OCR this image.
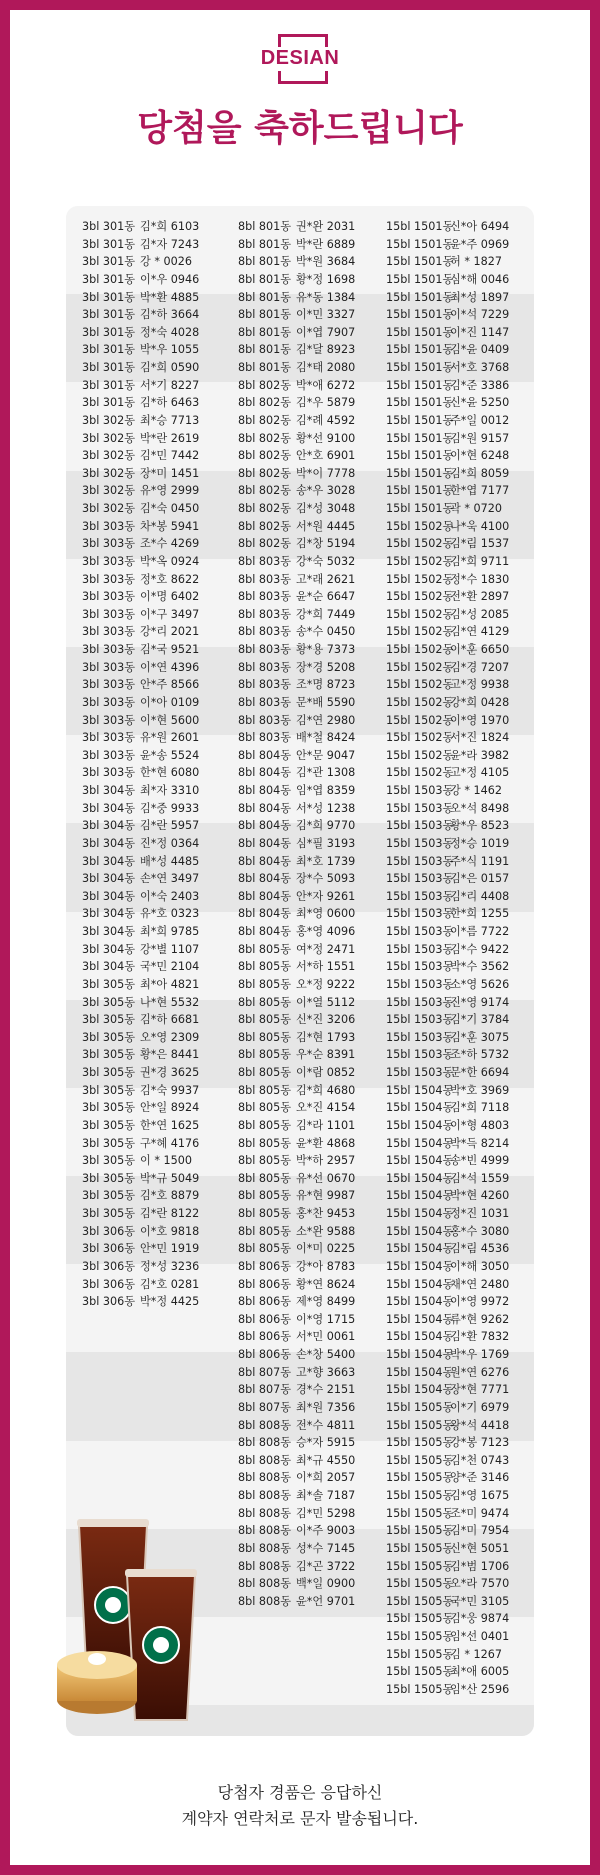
DESIAN
당첨을 축하드립니다
3bl 301동 김*희 6103
3bl 301동 김*자 7243
3bl 301동 강 * 0026
3bl 301동 이*우 0946
3bl 301동 박*환 4885
3bl 301동 김*하 3664
3bl 301동 정*숙 4028
3bl 301동 박*우 1055
3bl 301동 김*희 0590
3bl 301동 서*기 8227
3bl 301동 김*하 6463
3bl 302동 최*승 7713
3bl 302동 박*란 2619
3bl 302동 김*민 7442
3bl 302동 장*미 1451
3bl 302동 유*영 2999
3bl 302동 김*숙 0450
3bl 303동 차*봉 5941
3bl 303동 조*수 4269
3bl 303동 박*옥 0924
3bl 303동 정*호 8622
3bl 303동 이*명 6402
3bl 303동 이*구 3497
3bl 303동 강*리 2021
3bl 303동 김*국 9521
3bl 303동 이*연 4396
3bl 303동 안*주 8566
3bl 303동 이*아 0109
3bl 303동 이*현 5600
3bl 303동 유*원 2601
3bl 303동 윤*송 5524
3bl 303동 한*현 6080
3bl 304동 최*자 3310
3bl 304동 김*중 9933
3bl 304동 김*란 5957
3bl 304동 진*정 0364
3bl 304동 배*성 4485
3bl 304동 손*연 3497
3bl 304동 이*숙 2403
3bl 304동 유*호 0323
3bl 304동 최*희 9785
3bl 304동 강*별 1107
3bl 304동 국*민 2104
3bl 305동 최*아 4821
3bl 305동 나*현 5532
3bl 305동 김*하 6681
3bl 305동 오*영 2309
3bl 305동 황*은 8441
3bl 305동 권*경 3625
3bl 305동 김*숙 9937
3bl 305동 안*일 8924
3bl 305동 한*연 1625
3bl 305동 구*혜 4176
3bl 305동 이 * 1500
3bl 305동 박*규 5049
3bl 305동 김*호 8879
3bl 305동 김*란 8122
3bl 306동 이*호 9818
3bl 306동 안*민 1919
3bl 306동 정*성 3236
3bl 306동 김*호 0281
3bl 306동 박*정 4425
8bl 801동 권*완 2031
8bl 801동 박*란 6889
8bl 801동 박*원 3684
8bl 801동 황*정 1698
8bl 801동 유*동 1384
8bl 801동 이*민 3327
8bl 801동 이*엽 7907
8bl 801동 김*달 8923
8bl 801동 김*태 2080
8bl 802동 박*애 6272
8bl 802동 김*우 5879
8bl 802동 김*례 4592
8bl 802동 황*선 9100
8bl 802동 안*호 6901
8bl 802동 박*이 7778
8bl 802동 송*우 3028
8bl 802동 김*성 3048
8bl 802동 서*원 4445
8bl 802동 김*창 5194
8bl 803동 강*숙 5032
8bl 803동 고*래 2621
8bl 803동 윤*순 6647
8bl 803동 강*희 7449
8bl 803동 송*수 0450
8bl 803동 황*용 7373
8bl 803동 장*경 5208
8bl 803동 조*명 8723
8bl 803동 문*배 5590
8bl 803동 김*연 2980
8bl 803동 배*철 8424
8bl 804동 안*문 9047
8bl 804동 김*관 1308
8bl 804동 임*엽 8359
8bl 804동 서*성 1238
8bl 804동 김*희 9770
8bl 804동 심*필 3193
8bl 804동 최*호 1739
8bl 804동 장*수 5093
8bl 804동 안*자 9261
8bl 804동 최*영 0600
8bl 804동 홍*영 4096
8bl 805동 여*정 2471
8bl 805동 서*하 1551
8bl 805동 오*정 9222
8bl 805동 이*열 5112
8bl 805동 신*진 3206
8bl 805동 김*현 1793
8bl 805동 우*순 8391
8bl 805동 이*람 0852
8bl 805동 김*희 4680
8bl 805동 오*진 4154
8bl 805동 김*라 1101
8bl 805동 윤*환 4868
8bl 805동 박*하 2957
8bl 805동 유*선 0670
8bl 805동 유*현 9987
8bl 805동 홍*찬 9453
8bl 805동 소*완 9588
8bl 805동 이*미 0225
8bl 806동 강*아 8783
8bl 806동 황*연 8624
8bl 806동 제*영 8499
8bl 806동 이*영 1715
8bl 806동 서*민 0061
8bl 806동 손*창 5400
8bl 807동 고*향 3663
8bl 807동 경*수 2151
8bl 807동 최*원 7356
8bl 808동 전*수 4811
8bl 808동 승*자 5915
8bl 808동 최*규 4550
8bl 808동 이*희 2057
8bl 808동 최*솔 7187
8bl 808동 김*민 5298
8bl 808동 이*주 9003
8bl 808동 성*수 7145
8bl 808동 김*곤 3722
8bl 808동 백*일 0900
8bl 808동 윤*언 9701
15bl 1501동신*아 6494
15bl 1501동윤*주 0969
15bl 1501동허 * 1827
15bl 1501동심*해 0046
15bl 1501동최*성 1897
15bl 1501동이*석 7229
15bl 1501동이*진 1147
15bl 1501동김*윤 0409
15bl 1501동서*호 3768
15bl 1501동김*준 3386
15bl 1501동신*윤 5250
15bl 1501동주*일 0012
15bl 1501동김*원 9157
15bl 1501동이*현 6248
15bl 1501동김*희 8059
15bl 1501동한*엽 7177
15bl 1501동곽 * 0720
15bl 1502동나*욱 4100
15bl 1502동김*림 1537
15bl 1502동김*희 9711
15bl 1502동정*수 1830
15bl 1502동전*환 2897
15bl 1502동김*성 2085
15bl 1502동김*연 4129
15bl 1502동이*훈 6650
15bl 1502동김*경 7207
15bl 1502동고*정 9938
15bl 1502동강*희 0428
15bl 1502동이*영 1970
15bl 1502동서*진 1824
15bl 1502동윤*라 3982
15bl 1502동고*정 4105
15bl 1503동강 * 1462
15bl 1503동오*석 8498
15bl 1503동황*우 8523
15bl 1503동정*승 1019
15bl 1503동주*식 1191
15bl 1503동김*은 0157
15bl 1503동김*리 4408
15bl 1503동한*희 1255
15bl 1503동이*름 7722
15bl 1503동김*수 9422
15bl 1503동박*수 3562
15bl 1503동소*영 5626
15bl 1503동진*영 9174
15bl 1503동김*기 3784
15bl 1503동김*훈 3075
15bl 1503동조*하 5732
15bl 1503동문*한 6694
15bl 1504동박*호 3969
15bl 1504동김*희 7118
15bl 1504동이*형 4803
15bl 1504동박*득 8214
15bl 1504동송*빈 4999
15bl 1504동김*석 1559
15bl 1504동박*현 4260
15bl 1504동정*진 1031
15bl 1504동홍*수 3080
15bl 1504동김*림 4536
15bl 1504동이*해 3050
15bl 1504동채*연 2480
15bl 1504동이*영 9972
15bl 1504동류*현 9262
15bl 1504동김*환 7832
15bl 1504동박*우 1769
15bl 1504동원*연 6276
15bl 1504동장*현 7771
15bl 1505동이*기 6979
15bl 1505동왕*석 4418
15bl 1505동강*봉 7123
15bl 1505동김*천 0743
15bl 1505동양*준 3146
15bl 1505동김*영 1675
15bl 1505동조*미 9474
15bl 1505동김*미 7954
15bl 1505동신*현 5051
15bl 1505동김*범 1706
15bl 1505동오*라 7570
15bl 1505동국*민 3105
15bl 1505동김*웅 9874
15bl 1505동임*선 0401
15bl 1505동김 * 1267
15bl 1505동최*애 6005
15bl 1505동임*산 2596
당첨자 경품은 응답하신
계약자 연락처로 문자 발송됩니다.
